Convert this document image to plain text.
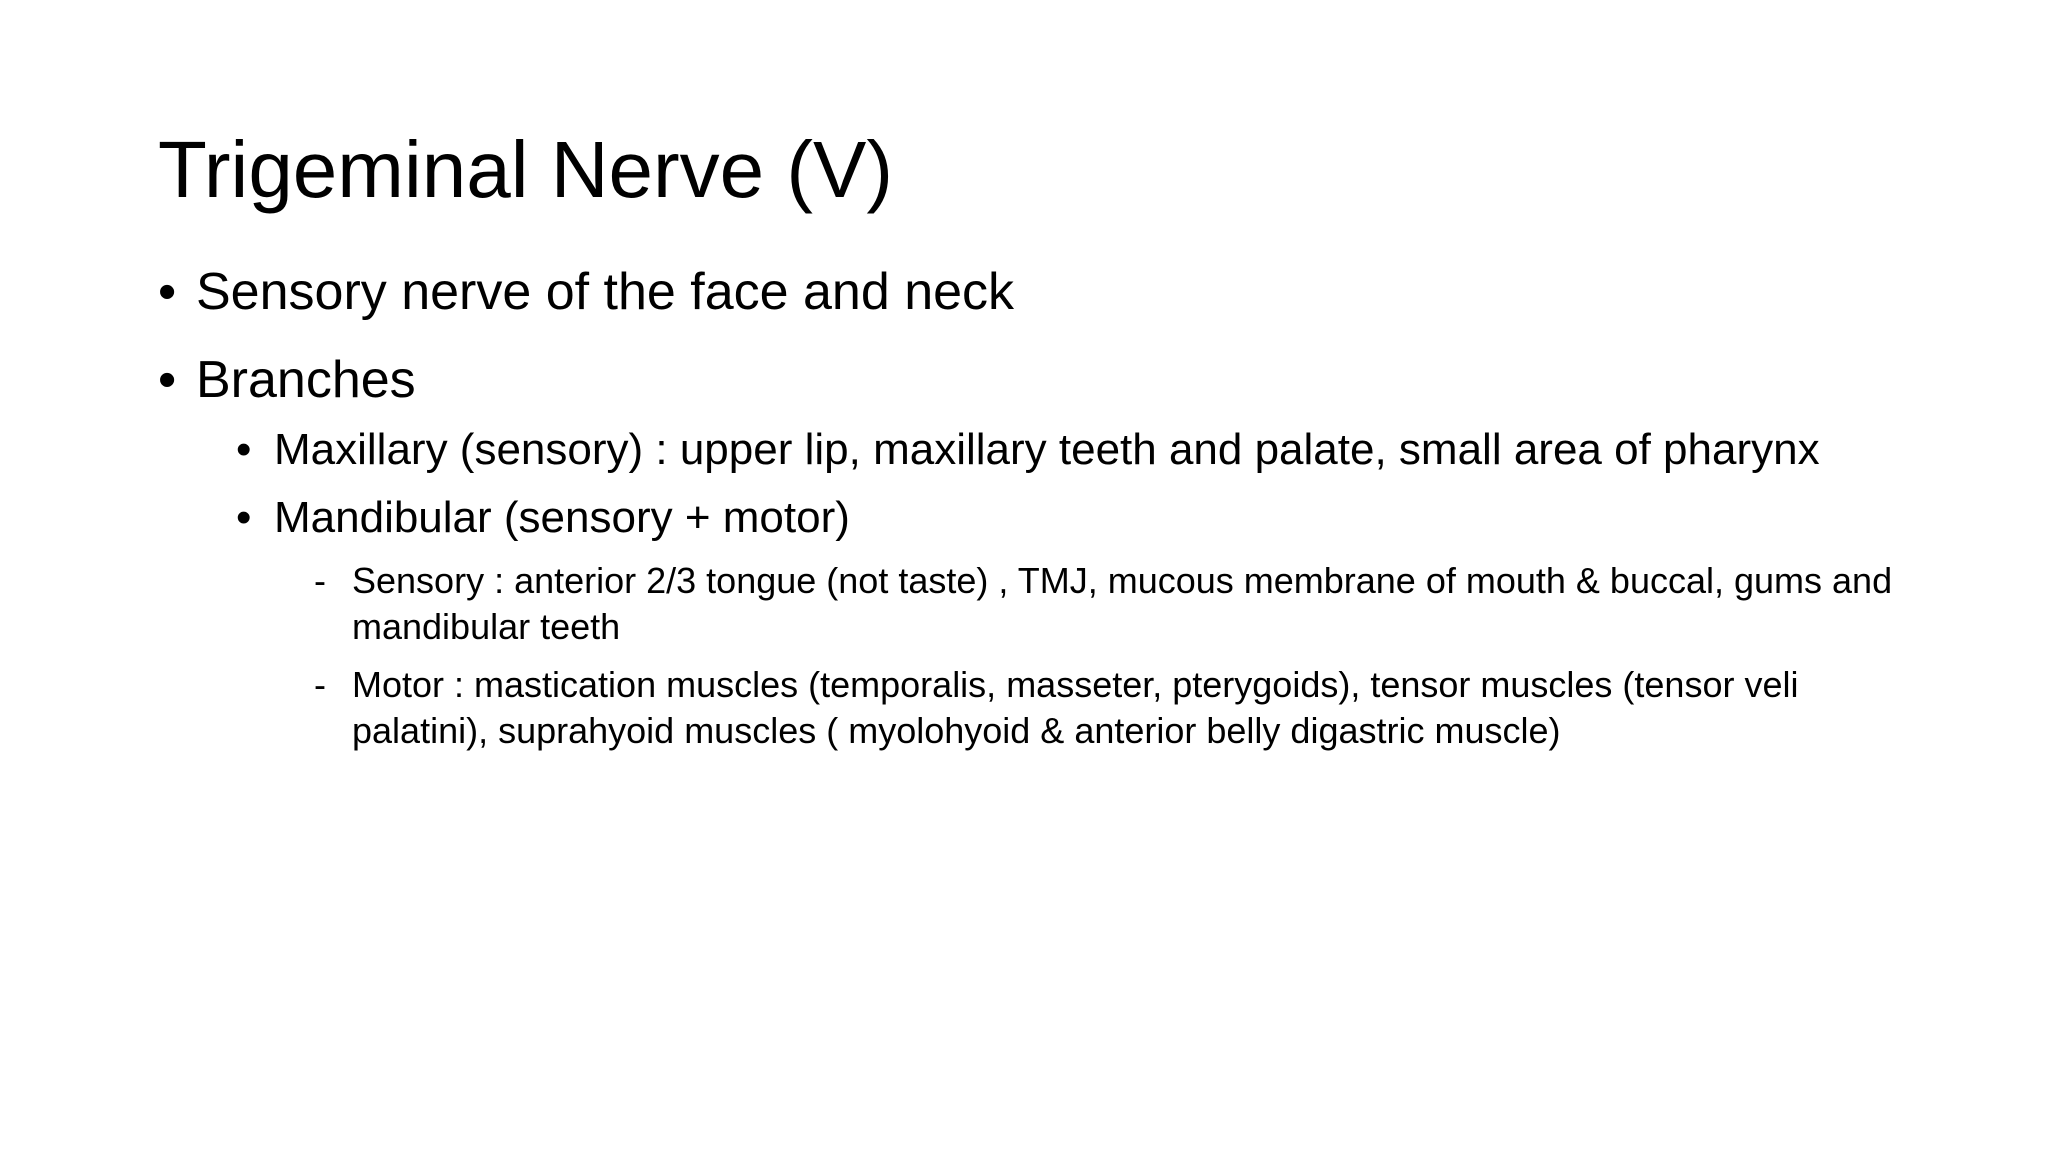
Trigeminal Nerve (V)
• Sensory nerve of the face and neck
• Branches
• Maxillary (sensory) : upper lip, maxillary teeth and palate, small area of pharynx
• Mandibular (sensory + motor)
- Sensory : anterior 2/3 tongue (not taste) , TMJ, mucous membrane of mouth & buccal, gums and mandibular teeth
- Motor : mastication muscles (temporalis, masseter, pterygoids), tensor muscles (tensor veli palatini), suprahyoid muscles ( myolohyoid & anterior belly digastric muscle)
